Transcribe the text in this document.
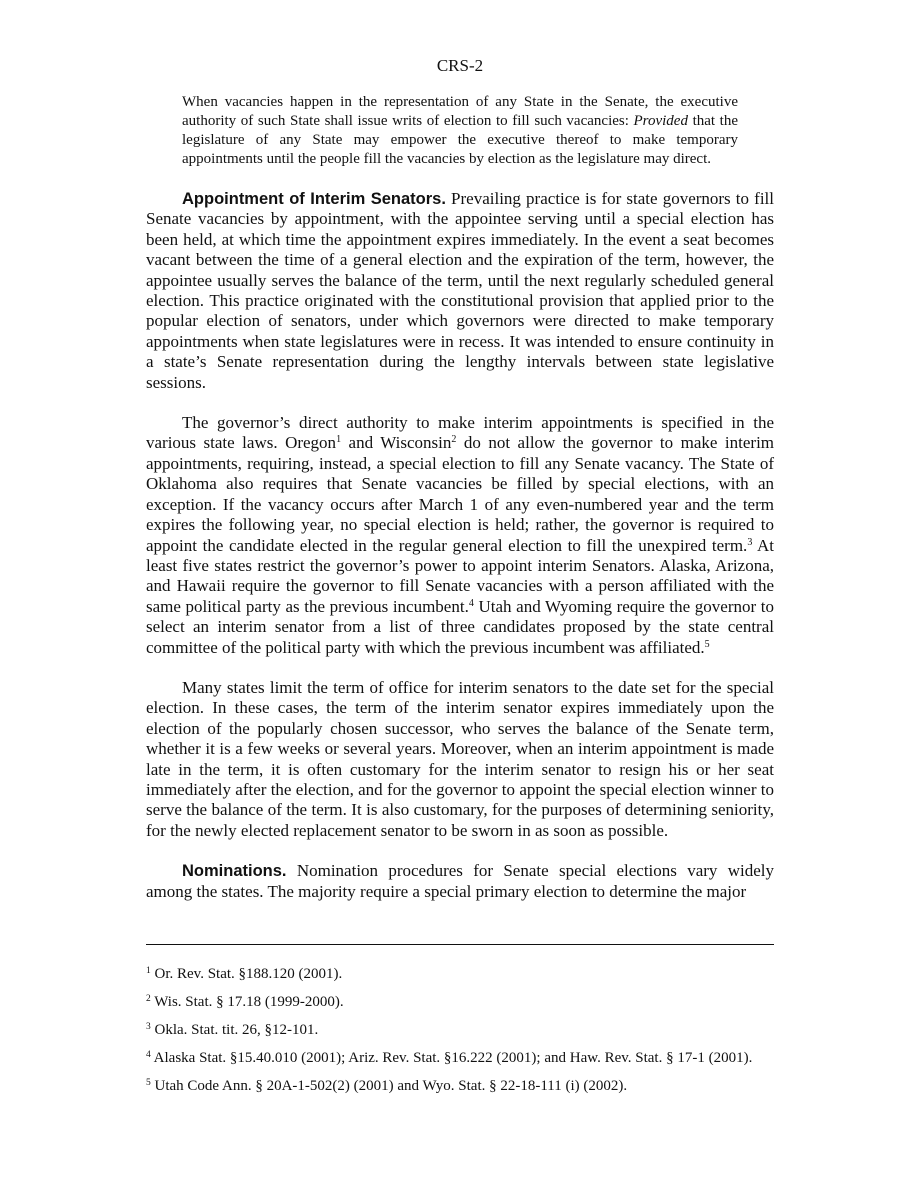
CRS-2

When vacancies happen in the representation of any State in the Senate, the executive authority of such State shall issue writs of election to fill such vacancies: Provided that the legislature of any State may empower the executive thereof to make temporary appointments until the people fill the vacancies by election as the legislature may direct.

Appointment of Interim Senators. Prevailing practice is for state governors to fill Senate vacancies by appointment, with the appointee serving until a special election has been held, at which time the appointment expires immediately. In the event a seat becomes vacant between the time of a general election and the expiration of the term, however, the appointee usually serves the balance of the term, until the next regularly scheduled general election. This practice originated with the constitutional provision that applied prior to the popular election of senators, under which governors were directed to make temporary appointments when state legislatures were in recess. It was intended to ensure continuity in a state’s Senate representation during the lengthy intervals between state legislative sessions.

The governor’s direct authority to make interim appointments is specified in the various state laws. Oregon$^1$ and Wisconsin$^2$ do not allow the governor to make interim appointments, requiring, instead, a special election to fill any Senate vacancy. The State of Oklahoma also requires that Senate vacancies be filled by special elections, with an exception. If the vacancy occurs after March 1 of any even-numbered year and the term expires the following year, no special election is held; rather, the governor is required to appoint the candidate elected in the regular general election to fill the unexpired term.$^3$ At least five states restrict the governor’s power to appoint interim Senators. Alaska, Arizona, and Hawaii require the governor to fill Senate vacancies with a person affiliated with the same political party as the previous incumbent.$^4$ Utah and Wyoming require the governor to select an interim senator from a list of three candidates proposed by the state central committee of the political party with which the previous incumbent was affiliated.$^5$

Many states limit the term of office for interim senators to the date set for the special election. In these cases, the term of the interim senator expires immediately upon the election of the popularly chosen successor, who serves the balance of the Senate term, whether it is a few weeks or several years. Moreover, when an interim appointment is made late in the term, it is often customary for the interim senator to resign his or her seat immediately after the election, and for the governor to appoint the special election winner to serve the balance of the term. It is also customary, for the purposes of determining seniority, for the newly elected replacement senator to be sworn in as soon as possible.

Nominations. Nomination procedures for Senate special elections vary widely among the states. The majority require a special primary election to determine the major

$^1$ Or. Rev. Stat. §188.120 (2001).

$^2$ Wis. Stat. § 17.18 (1999-2000).

$^3$ Okla. Stat. tit. 26, §12-101.

$^4$ Alaska Stat. §15.40.010 (2001); Ariz. Rev. Stat. §16.222 (2001); and Haw. Rev. Stat. § 17-1 (2001).

$^5$ Utah Code Ann. § 20A-1-502(2) (2001) and Wyo. Stat. § 22-18-111 (i) (2002).
